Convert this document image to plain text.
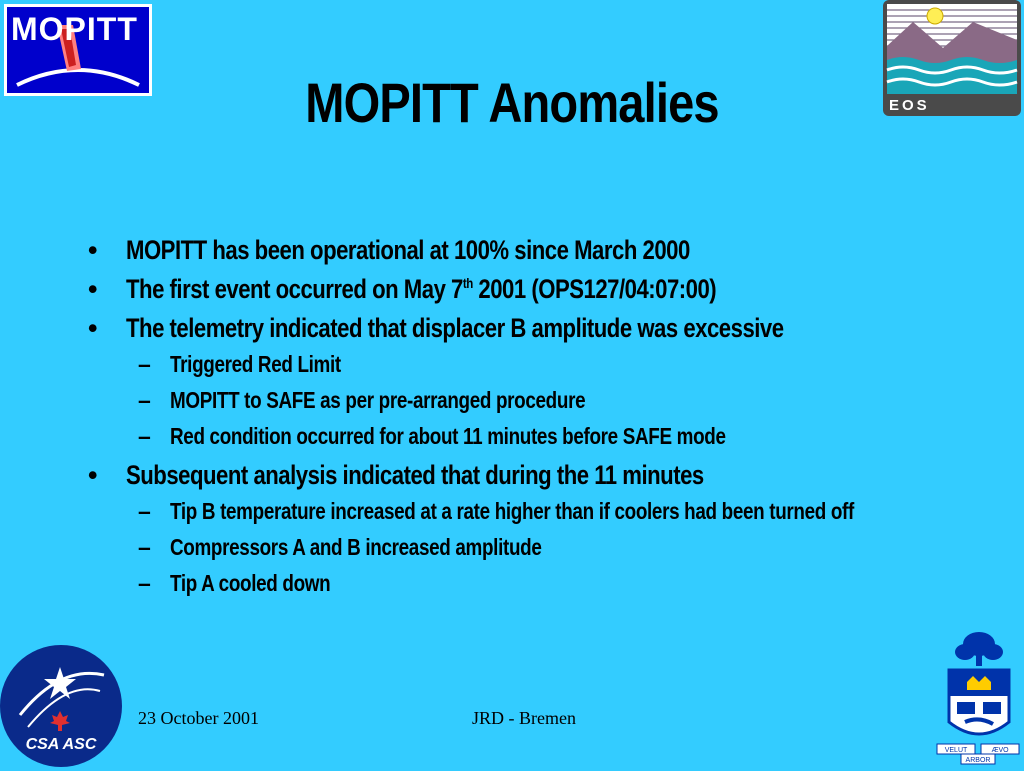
MOPITT
EOS
MOPITT Anomalies
• MOPITT has been operational at 100% since March 2000
• The first event occurred on May 7th 2001 (OPS127/04:07:00)
• The telemetry indicated that displacer B amplitude was excessive
– Triggered Red Limit
– MOPITT to SAFE as per pre-arranged procedure
– Red condition occurred for about 11 minutes before SAFE mode
• Subsequent analysis indicated that during the 11 minutes
– Tip B temperature increased at a rate higher than if coolers had been turned off
– Compressors A and B increased amplitude
– Tip A cooled down
CSA ASC
23 October 2001	JRD - Bremen
VELUT	ÆVO
ARBOR
